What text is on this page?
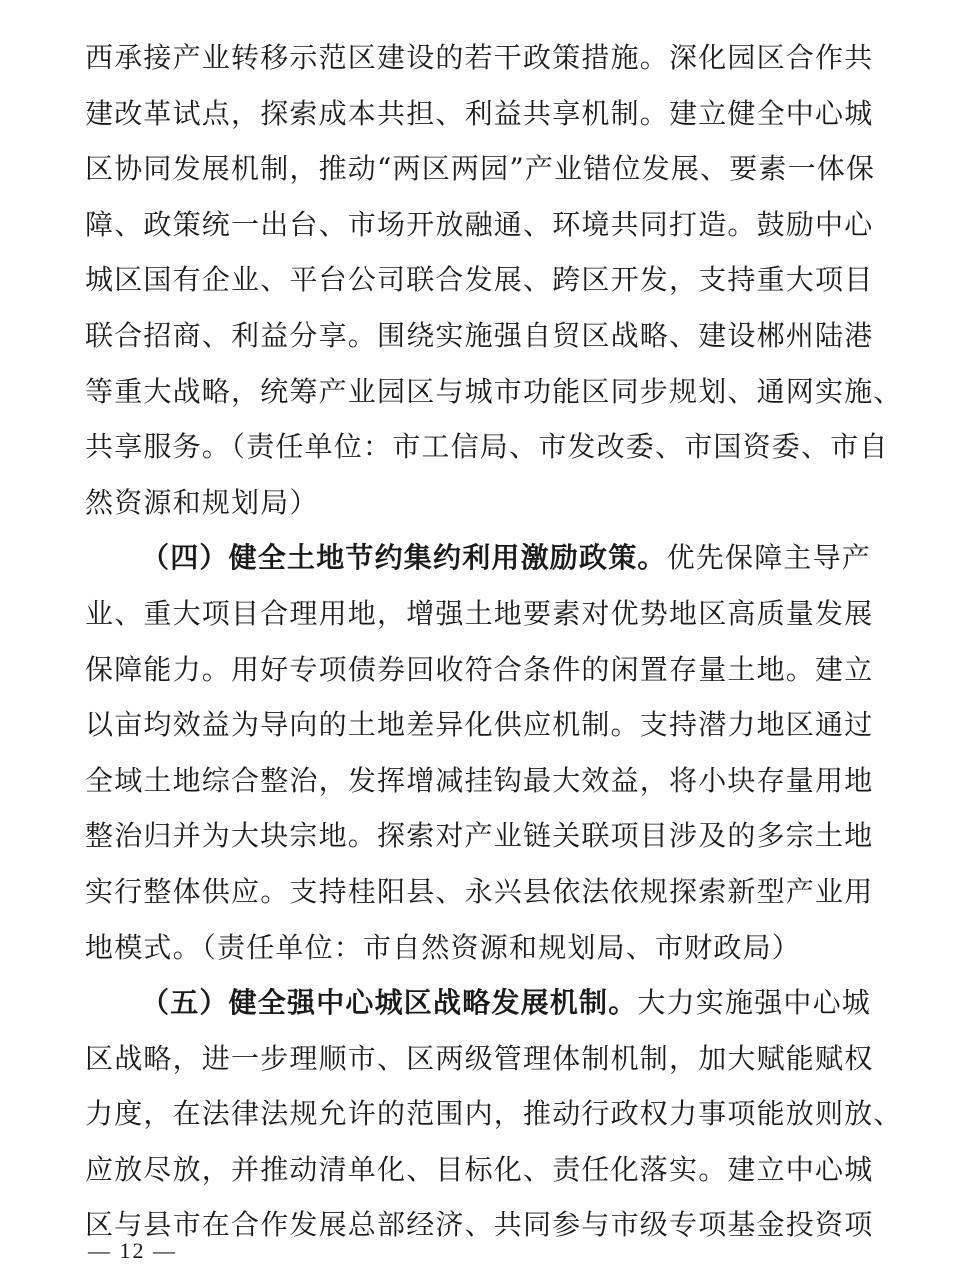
西承接产业转移示范区建设的若干政策措施。深化园区合作共
建改革试点，探索成本共担、利益共享机制。建立健全中心城
区协同发展机制，推动“两区两园”产业错位发展、要素一体保
障、政策统一出台、市场开放融通、环境共同打造。鼓励中心
城区国有企业、平台公司联合发展、跨区开发，支持重大项目
联合招商、利益分享。围绕实施强自贸区战略、建设郴州陆港
等重大战略，统筹产业园区与城市功能区同步规划、通网实施、
共享服务。（责任单位：市工信局、市发改委、市国资委、市自
然资源和规划局）
（四）健全土地节约集约利用激励政策。优先保障主导产
业、重大项目合理用地，增强土地要素对优势地区高质量发展
保障能力。用好专项债券回收符合条件的闲置存量土地。建立
以亩均效益为导向的土地差异化供应机制。支持潜力地区通过
全域土地综合整治，发挥增减挂钩最大效益，将小块存量用地
整治归并为大块宗地。探索对产业链关联项目涉及的多宗土地
实行整体供应。支持桂阳县、永兴县依法依规探索新型产业用
地模式。（责任单位：市自然资源和规划局、市财政局）
（五）健全强中心城区战略发展机制。大力实施强中心城
区战略，进一步理顺市、区两级管理体制机制，加大赋能赋权
力度，在法律法规允许的范围内，推动行政权力事项能放则放、
应放尽放，并推动清单化、目标化、责任化落实。建立中心城
区与县市在合作发展总部经济、共同参与市级专项基金投资项
— 12 —
